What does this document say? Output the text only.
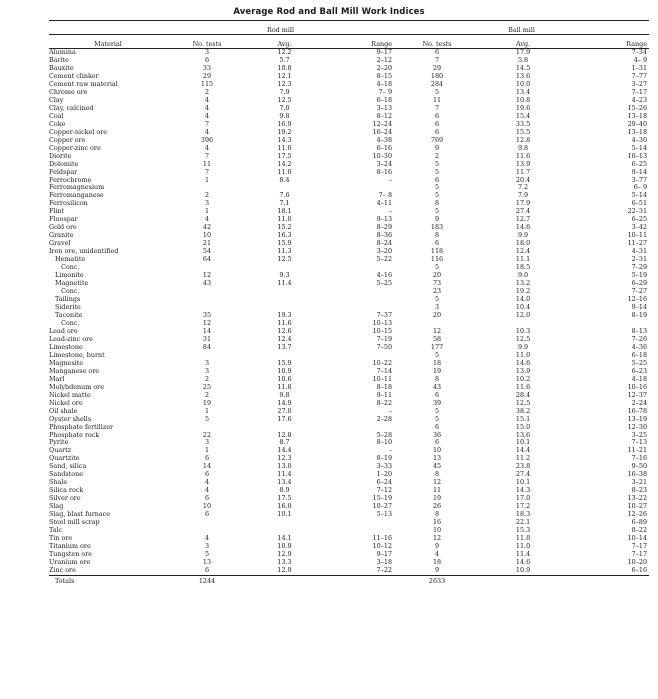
Average Rod and Ball Mill Work Indices
	Rod mill			Ball mill		
Material	No. tests	Avg.	Range	No. tests	Avg.	Range
Alumina	3	12.2	9–17	6	17.9	7–34
Barite	6	5.7	2–12	7	5.8	4– 9
Bauxite	33	10.8	2–20	29	14.5	1–31
Cement clinker	29	12.1	8–15	180	13.6	7–77
Cement raw material	115	12.3	4–18	284	10.0	3–27
Chrome ore	2	7.9	7– 9	5	13.4	7–17
Clay	4	12.5	6–18	11	10.8	4–23
Clay, calcined	4	7.0	3–13	7	19.6	15–26
Coal	4	9.8	8–12	6	15.4	13–18
Coke	7	16.9	12–24	6	33.5	29–40
Copper-nickel ore	4	19.2	16–24	6	15.5	13–18
Copper ore	396	14.3	4–38	769	12.8	4–30
Copper-zinc ore	4	11.0	6–16	9	9.8	5–14
Diorite	7	17.5	10–30	2	11.6	10–13
Dolomite	11	14.2	3–24	5	13.9	6–25
Feldspar	7	11.0	8–16	5	11.7	9–14
Ferrochrome	1	8.4	–	6	20.4	3–77
Ferromagnesium				5	7.2	6– 9
Ferromanganese	2	7.6	7– 8	5	7.9	5–14
Ferrosilicon	3	7.1	4–11	8	17.9	6–51
Flint	1	18.1	–	5	27.4	22–31
Fluospar	4	11.0	9–13	9	12.7	6–25
Gold ore	42	15.2	8–29	183	14.6	3–42
Granite	10	16.3	8–36	8	9.9	10–11
Gravel	21	15.9	8–24	6	18.0	11–27
Iron ore, unidentified	54	11.3	3–20	118	12.4	4–31
Hematite	64	12.5	5–22	116	11.1	2–31
Conc.				5	18.5	7–29
Limonite	12	9.3	4–16	20	9.0	5–19
Magnetite	43	11.4	5–25	73	13.2	6–29
Conc.				23	19.2	7–27
Tailings				5	14.0	12–16
Siderite				3	10.4	9–14
Taconite	35	19.3	7–37	20	12.0	8–19
Conc.	12	11.6	10–13			
Lead ore	14	12.6	10–15	12	10.3	8–13
Lead-zinc ore	31	12.4	7–19	58	12.5	7–26
Limestone	84	13.7	7–50	177	9.9	4–36
Limestone, burnt				5	11.0	6–18
Magnesite	3	15.9	10–22	18	14.6	5–25
Manganese ore	3	10.9	7–14	19	13.9	6–23
Marl	2	10.6	10–11	8	10.2	4–18
Molybdenum ore	25	11.8	8–18	43	11.6	10–16
Nickel matte	2	9.8	9–11	6	28.4	12–37
Nickel ore	19	14.9	8–22	39	12.5	2–24
Oil shale	1	27.0	–	5	38.2	16–78
Oyster shells	5	17.6	2–28	5	15.1	13–19
Phosphate fertilizer				6	15.0	12–30
Phosphate rock	22	12.8	5–28	36	13.6	3–25
Pyrite	3	8.7	8–10	6	10.1	7–13
Quartz	1	14.4	–	10	14.4	11–21
Quartzite	6	12.3	8–19	13	11.2	7–16
Sand, silica	14	13.0	3–33	45	23.8	9–50
Sandstone	6	11.4	1–20	8	27.4	16–38
Shale	4	13.4	6–24	12	10.1	3–21
Silica rock	4	8.9	7–12	11	14.3	8–23
Silver ore	6	17.5	15–19	19	17.0	13–22
Slag	10	16.0	10–27	26	17.2	10–27
Slag, blast furnace	6	10.1	5–13	8	18.3	12–26
Steel mill scrap				16	22.1	6–89
Talc				10	15.3	8–22
Tin ore	4	14.1	11–16	12	11.8	10–14
Titanium ore	3	10.9	10–12	9	11.0	7–17
Tungsten ore	5	12.9	9–17	4	11.4	7–17
Uranium ore	13	13.3	3–18	18	14.6	10–20
Zinc ore	6	12.9	7–22	9	10.9	6–16
Totals	1244			2633		
